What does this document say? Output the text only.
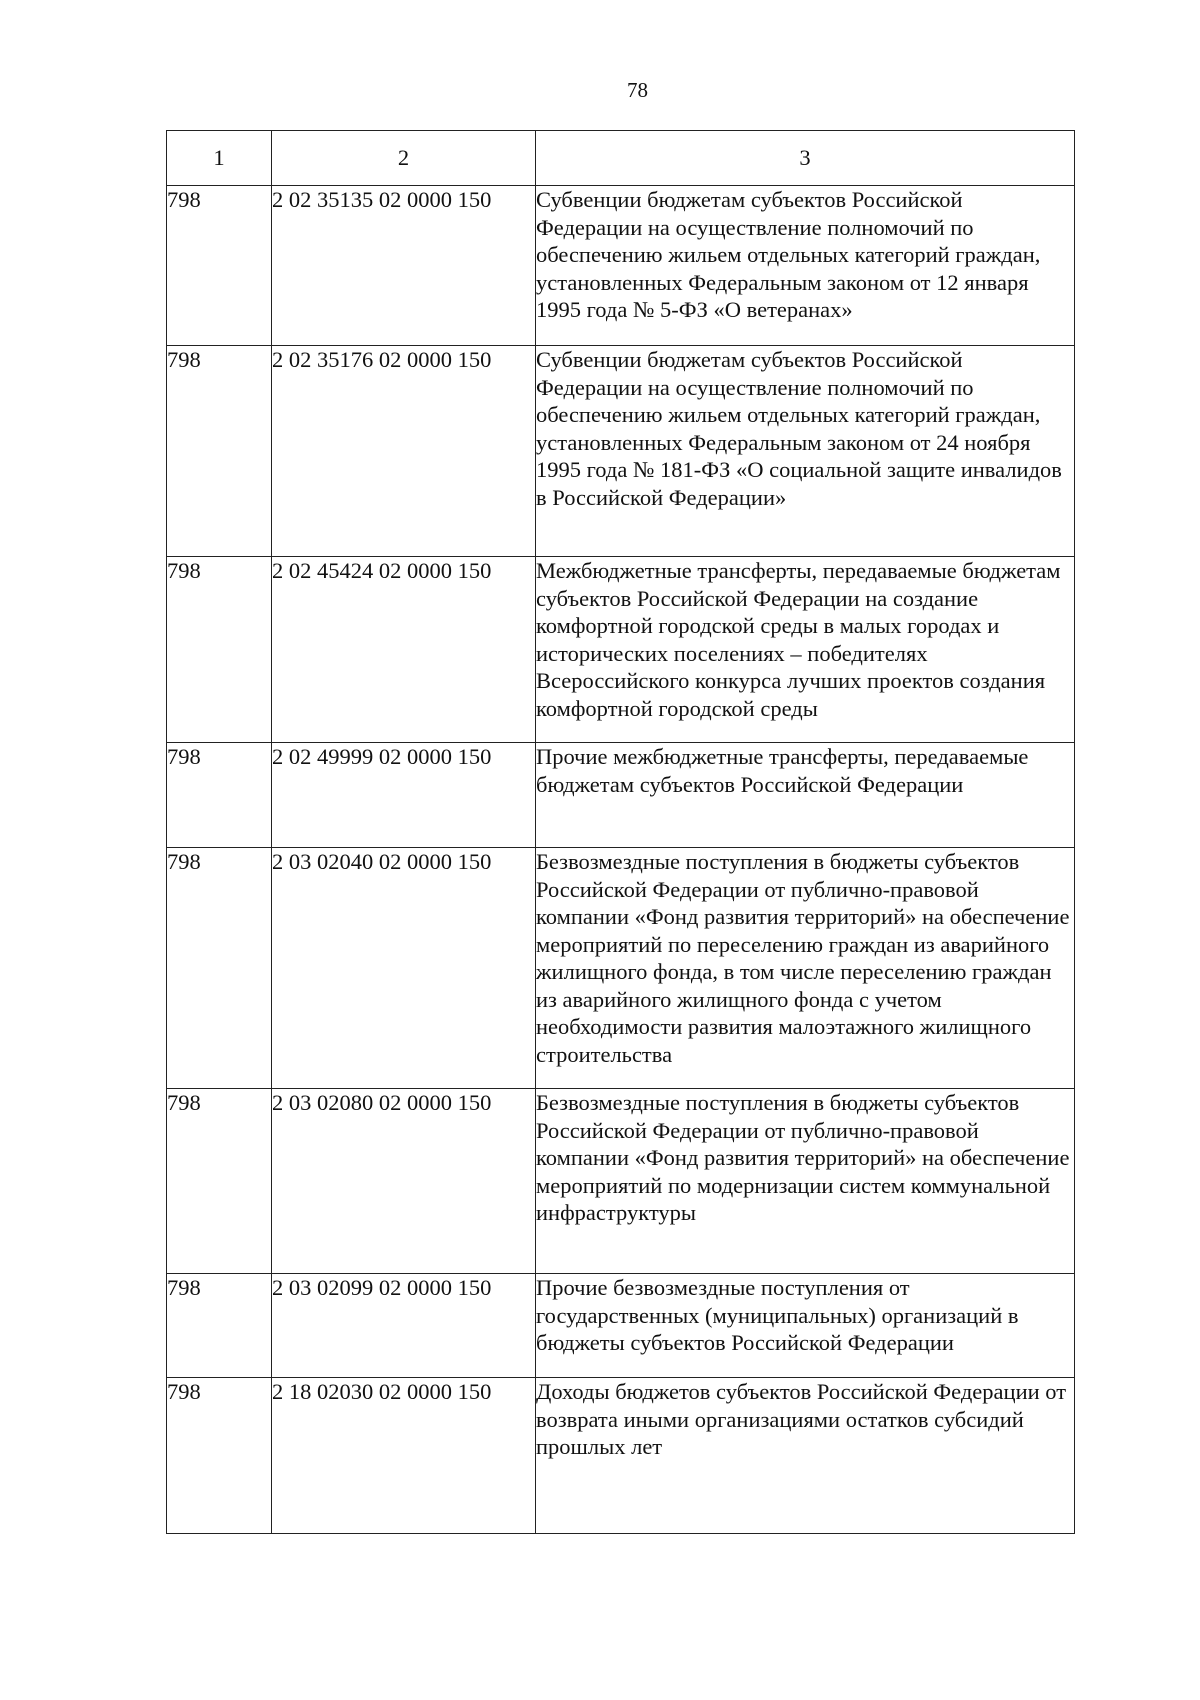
78
1	2	3
798	2 02 35135 02 0000 150	Субвенции бюджетам субъектов Российской Федерации на осуществление полномочий по обеспечению жильем отдельных категорий граждан, установленных Федеральным законом от 12 января 1995 года № 5-ФЗ «О ветеранах»
798	2 02 35176 02 0000 150	Субвенции бюджетам субъектов Российской Федерации на осуществление полномочий по обеспечению жильем отдельных категорий граждан, установленных Федеральным законом от 24 ноября 1995 года № 181-ФЗ «О социальной защите инвалидов в Российской Федерации»
798	2 02 45424 02 0000 150	Межбюджетные трансферты, передаваемые бюджетам субъектов Российской Федерации на создание комфортной городской среды в малых городах и исторических поселениях – победителях Всероссийского конкурса лучших проектов создания комфортной городской среды
798	2 02 49999 02 0000 150	Прочие межбюджетные трансферты, передаваемые бюджетам субъектов Российской Федерации
798	2 03 02040 02 0000 150	Безвозмездные поступления в бюджеты субъектов Российской Федерации от публично-правовой компании «Фонд развития территорий» на обеспечение мероприятий по переселению граждан из аварийного жилищного фонда, в том числе переселению граждан из аварийного жилищного фонда с учетом необходимости развития малоэтажного жилищного строительства
798	2 03 02080 02 0000 150	Безвозмездные поступления в бюджеты субъектов Российской Федерации от публично-правовой компании «Фонд развития территорий» на обеспечение мероприятий по модернизации систем коммунальной инфраструктуры
798	2 03 02099 02 0000 150	Прочие безвозмездные поступления от государственных (муниципальных) организаций в бюджеты субъектов Российской Федерации
798	2 18 02030 02 0000 150	Доходы бюджетов субъектов Российской Федерации от возврата иными организациями остатков субсидий прошлых лет
